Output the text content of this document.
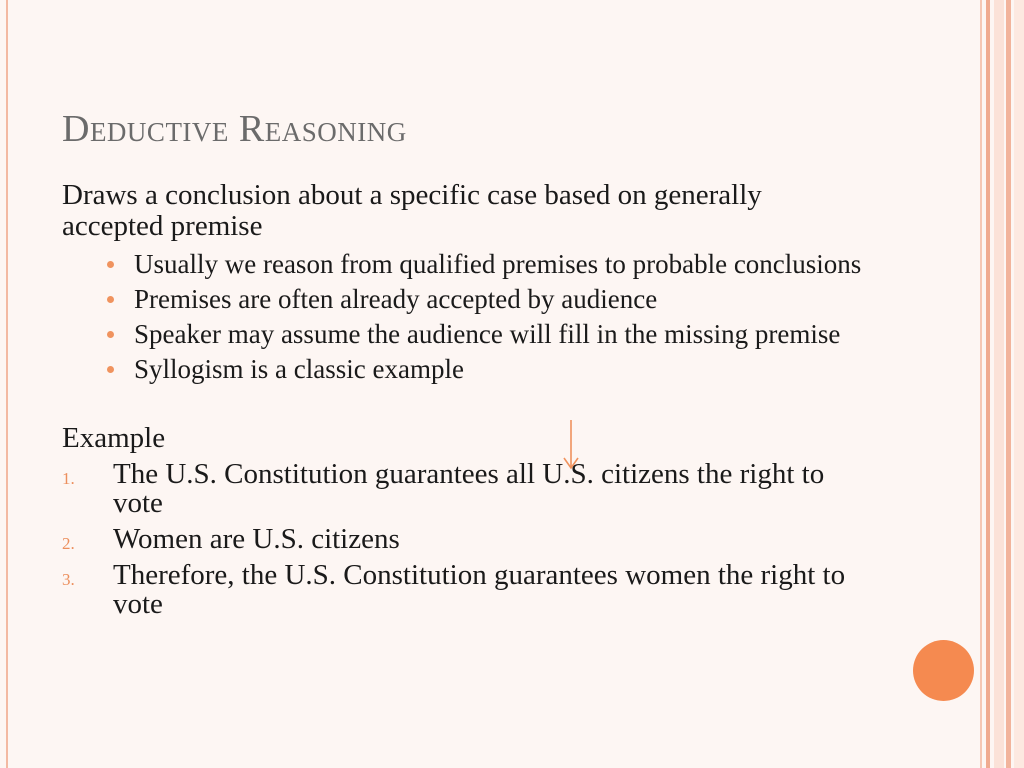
Deductive Reasoning

Draws a conclusion about a specific case based on generally accepted premise

Usually we reason from qualified premises to probable conclusions
Premises are often already accepted by audience
Speaker may assume the audience will fill in the missing premise
Syllogism is a classic example

Example

1. The U.S. Constitution guarantees all U.S. citizens the right to vote
2. Women are U.S. citizens
3. Therefore, the U.S. Constitution guarantees women the right to vote
